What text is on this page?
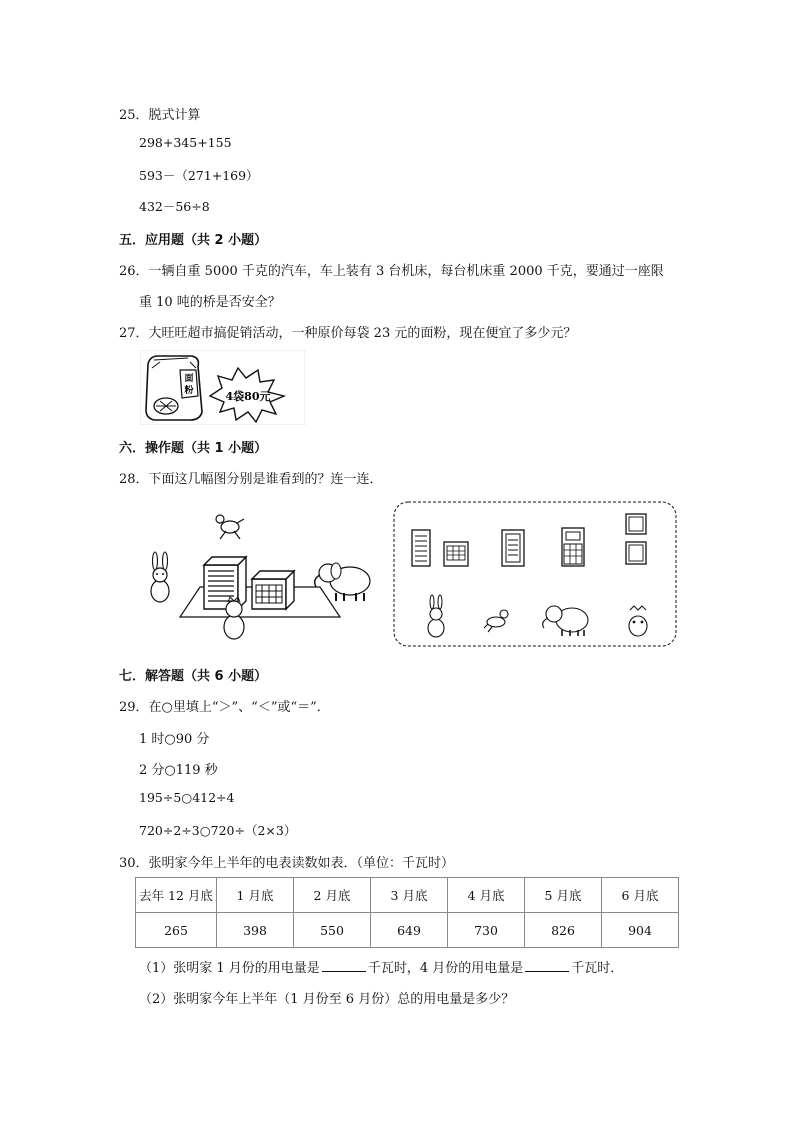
25．脱式计算
298+345+155
593－（271+169）
432－56÷8
五．应用题（共 2 小题）
26．一辆自重 5000 千克的汽车，车上装有 3 台机床，每台机床重 2000 千克，要通过一座限
重 10 吨的桥是否安全？
27．大旺旺超市搞促销活动，一种原价每袋 23 元的面粉，现在便宜了多少元？
面
粉	4袋80元
六．操作题（共 1 小题）
28．下面这几幅图分别是谁看到的？连一连．
七．解答题（共 6 小题）
29．在○里填上“＞”、“＜”或“＝”．
1 时○90 分
2 分○119 秒
195÷5○412÷4
720÷2÷3○720÷（2×3）
30．张明家今年上半年的电表读数如表．（单位：千瓦时）
去年 12 月底	1 月底	2 月底	3 月底	4 月底	5 月底	6 月底
265	398	550	649	730	826	904
（1）张明家 1 月份的用电量是	千瓦时，4 月份的用电量是	千瓦时．
（2）张明家今年上半年（1 月份至 6 月份）总的用电量是多少？
